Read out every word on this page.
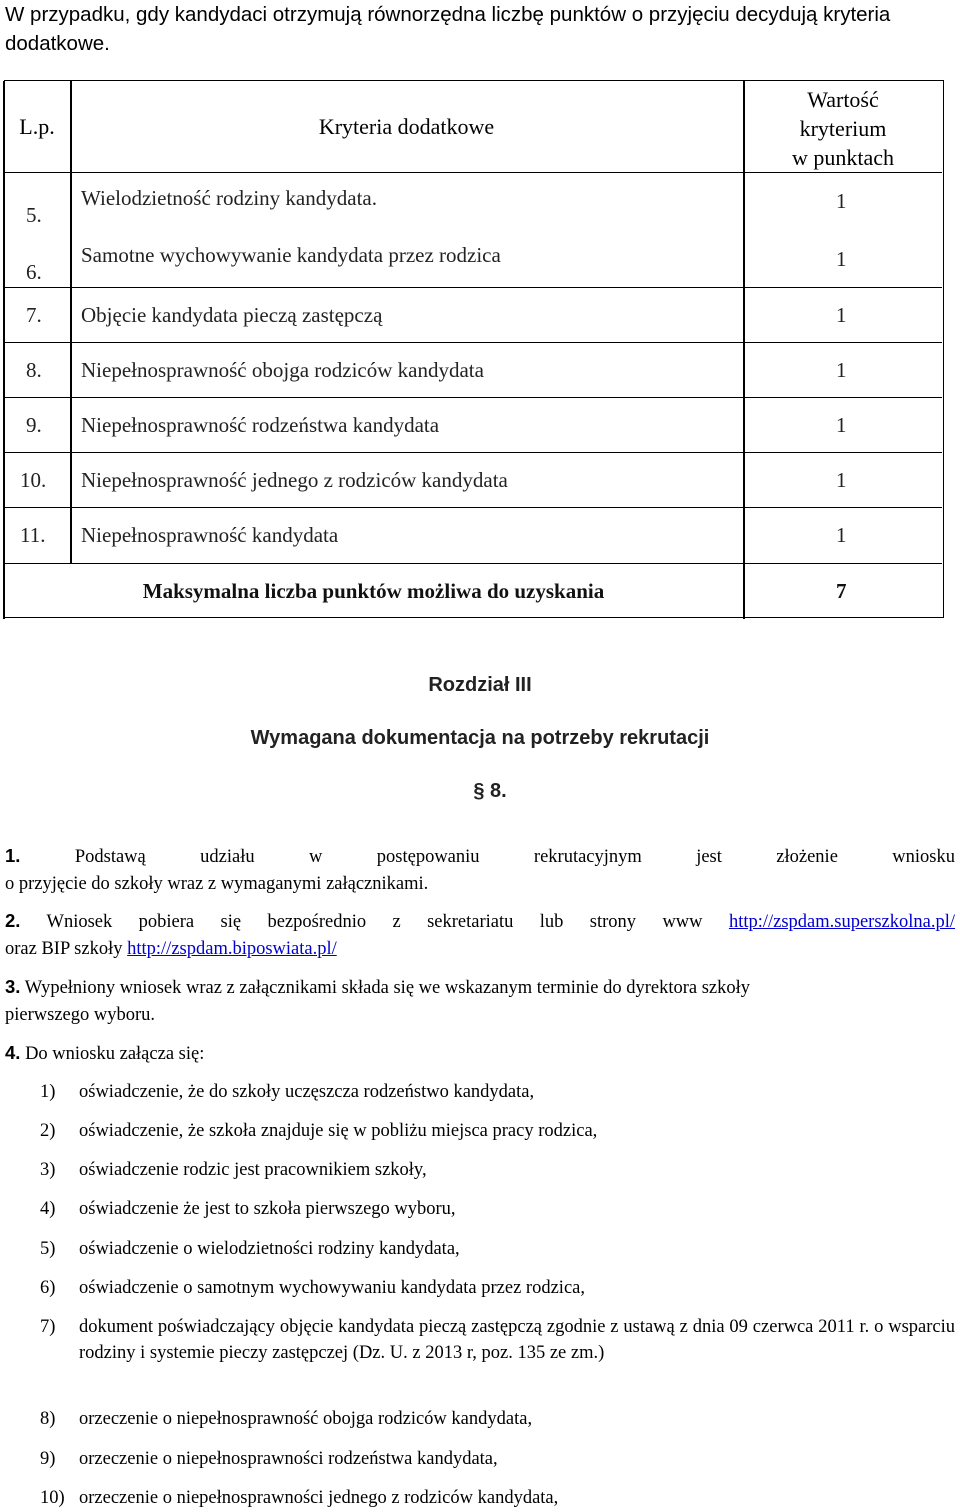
W przypadku, gdy kandydaci otrzymują równorzędna liczbę punktów o przyjęciu decydują kryteria dodatkowe.
L.p.	Kryteria dodatkowe
Wartość
kryterium
w punktach
5.
Wielodzietność rodziny kandydata.	1
6.
Samotne wychowywanie kandydata przez rodzica	1
7. Objęcie kandydata pieczą zastępczą	1
8. Niepełnosprawność obojga rodziców kandydata	1
9. Niepełnosprawność rodzeństwa kandydata	1
10. Niepełnosprawność jednego z rodziców kandydata	1
11. Niepełnosprawność kandydata	1
Maksymalna liczba punktów możliwa do uzyskania	7
Rozdział III
Wymagana dokumentacja na potrzeby rekrutacji
§ 8.
1.	Podstawą udziału w postępowaniu rekrutacyjnym jest złożenie wniosku
o przyjęcie do szkoły wraz z wymaganymi załącznikami.
2. Wniosek pobiera się bezpośrednio z sekretariatu lub strony www http://zspdam.superszkolna.pl/
oraz BIP szkoły http://zspdam.biposwiata.pl/
3. Wypełniony wniosek wraz z załącznikami składa się we wskazanym terminie do dyrektora szkoły
pierwszego wyboru.
4. Do wniosku załącza się:
1)	oświadczenie, że do szkoły uczęszcza rodzeństwo kandydata,
2)	oświadczenie, że szkoła znajduje się w pobliżu miejsca pracy rodzica,
3)	oświadczenie rodzic jest pracownikiem szkoły,
4)	oświadczenie że jest to szkoła pierwszego wyboru,
5)	oświadczenie o wielodzietności rodziny kandydata,
6)	oświadczenie o samotnym wychowywaniu kandydata przez rodzica,
7)	dokument poświadczający objęcie kandydata pieczą zastępczą zgodnie z ustawą z dnia 09 czerwca 2011 r. o wsparciu rodziny i systemie pieczy zastępczej (Dz. U. z 2013 r, poz. 135 ze zm.)
8)	orzeczenie o niepełnosprawność obojga rodziców kandydata,
9)	orzeczenie o niepełnosprawności rodzeństwa kandydata,
10) orzeczenie o niepełnosprawności jednego z rodziców kandydata,
